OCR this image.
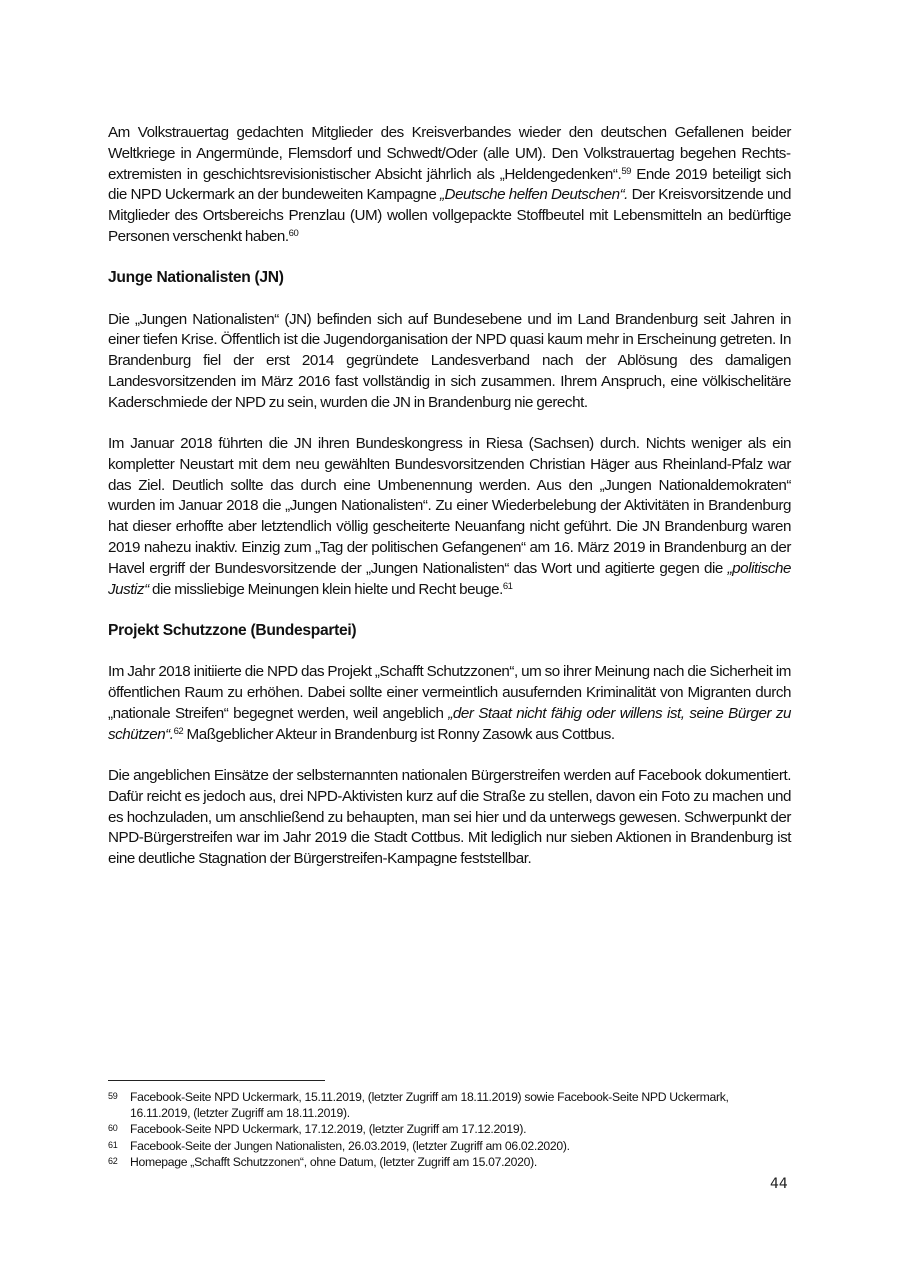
Am Volkstrauertag gedachten Mitglieder des Kreisverbandes wieder den deutschen Gefallenen beider Weltkriege in Angermünde, Flemsdorf und Schwedt/Oder (alle UM). Den Volkstrauertag begehen Rechtsextremisten in geschichtsrevisionistischer Absicht jährlich als „Heldengedenken“.$^{59}$ Ende 2019 beteiligt sich die NPD Uckermark an der bundeweiten Kampagne „Deutsche helfen Deutschen“. Der Kreisvorsitzende und Mitglieder des Ortsbereichs Prenzlau (UM) wollen vollgepackte Stoffbeutel mit Lebensmitteln an bedürftige Personen verschenkt haben.$^{60}$

Junge Nationalisten (JN)

Die „Jungen Nationalisten“ (JN) befinden sich auf Bundesebene und im Land Brandenburg seit Jahren in einer tiefen Krise. Öffentlich ist die Jugendorganisation der NPD quasi kaum mehr in Erscheinung getreten. In Brandenburg fiel der erst 2014 gegründete Landesverband nach der Ablösung des damaligen Landesvorsitzenden im März 2016 fast vollständig in sich zusammen. Ihrem Anspruch, eine völkischelitäre Kaderschmiede der NPD zu sein, wurden die JN in Brandenburg nie gerecht.

Im Januar 2018 führten die JN ihren Bundeskongress in Riesa (Sachsen) durch. Nichts weniger als ein kompletter Neustart mit dem neu gewählten Bundesvorsitzenden Christian Häger aus Rheinland-Pfalz war das Ziel. Deutlich sollte das durch eine Umbenennung werden. Aus den „Jungen Nationaldemokraten“ wurden im Januar 2018 die „Jungen Nationalisten“. Zu einer Wiederbelebung der Aktivitäten in Brandenburg hat dieser erhoffte aber letztendlich völlig gescheiterte Neuanfang nicht geführt. Die JN Brandenburg waren 2019 nahezu inaktiv. Einzig zum „Tag der politischen Gefangenen“ am 16. März 2019 in Brandenburg an der Havel ergriff der Bundesvorsitzende der „Jungen Nationalisten“ das Wort und agitierte gegen die „politische Justiz“ die missliebige Meinungen klein hielte und Recht beuge.$^{61}$

Projekt Schutzzone (Bundespartei)

Im Jahr 2018 initiierte die NPD das Projekt „Schafft Schutzzonen“, um so ihrer Meinung nach die Sicherheit im öffentlichen Raum zu erhöhen. Dabei sollte einer vermeintlich ausufernden Kriminalität von Migranten durch „nationale Streifen“ begegnet werden, weil angeblich „der Staat nicht fähig oder willens ist, seine Bürger zu schützen“.$^{62}$ Maßgeblicher Akteur in Brandenburg ist Ronny Zasowk aus Cottbus.

Die angeblichen Einsätze der selbsternannten nationalen Bürgerstreifen werden auf Facebook dokumentiert. Dafür reicht es jedoch aus, drei NPD-Aktivisten kurz auf die Straße zu stellen, davon ein Foto zu machen und es hochzuladen, um anschließend zu behaupten, man sei hier und da unterwegs gewesen. Schwerpunkt der NPD-Bürgerstreifen war im Jahr 2019 die Stadt Cottbus. Mit lediglich nur sieben Aktionen in Brandenburg ist eine deutliche Stagnation der Bürgerstreifen-Kampagne feststellbar.

59	Facebook-Seite NPD Uckermark, 15.11.2019, (letzter Zugriff am 18.11.2019) sowie Facebook-Seite NPD Uckermark, 16.11.2019, (letzter Zugriff am 18.11.2019).
60	Facebook-Seite NPD Uckermark, 17.12.2019, (letzter Zugriff am 17.12.2019).
61	Facebook-Seite der Jungen Nationalisten, 26.03.2019, (letzter Zugriff am 06.02.2020).
62	Homepage „Schafft Schutzzonen“, ohne Datum, (letzter Zugriff am 15.07.2020).
44
